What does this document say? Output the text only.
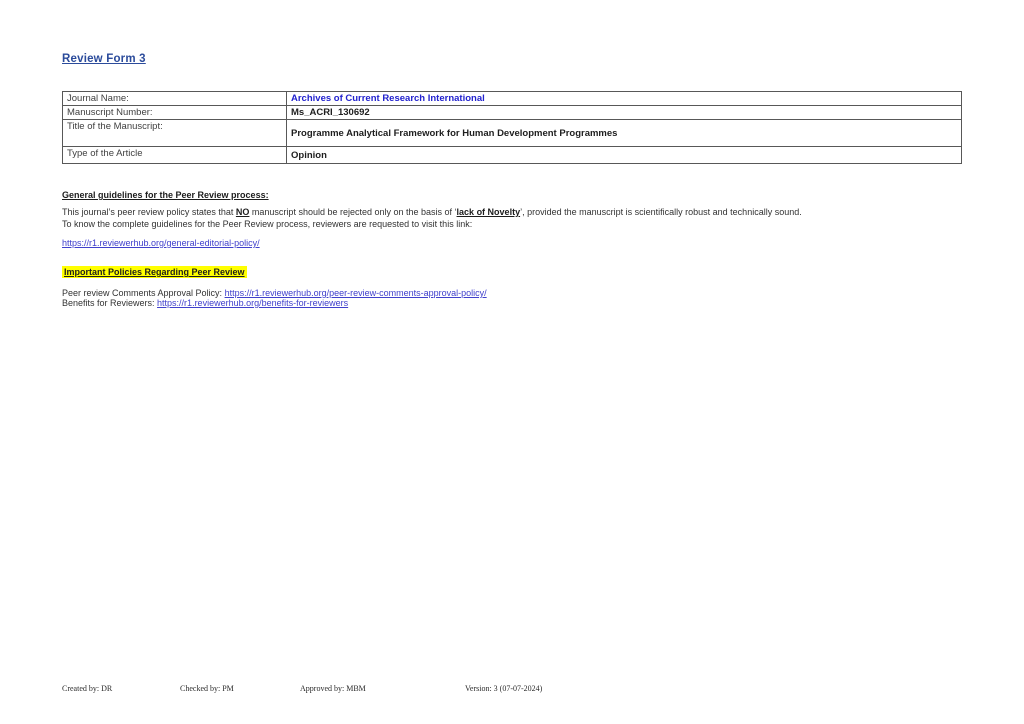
Review Form 3
Journal Name:	Archives of Current Research International
Manuscript Number:	Ms_ACRI_130692
Title of the Manuscript:	Programme Analytical Framework for Human Development Programmes
Type of the Article	Opinion
General guidelines for the Peer Review process:
This journal’s peer review policy states that NO manuscript should be rejected only on the basis of ‘lack of Novelty’, provided the manuscript is scientifically robust and technically sound.
To know the complete guidelines for the Peer Review process, reviewers are requested to visit this link:
https://r1.reviewerhub.org/general-editorial-policy/
Important Policies Regarding Peer Review
Peer review Comments Approval Policy: https://r1.reviewerhub.org/peer-review-comments-approval-policy/
Benefits for Reviewers: https://r1.reviewerhub.org/benefits-for-reviewers
Created by: DR	Checked by: PM	Approved by: MBM	Version: 3 (07-07-2024)
